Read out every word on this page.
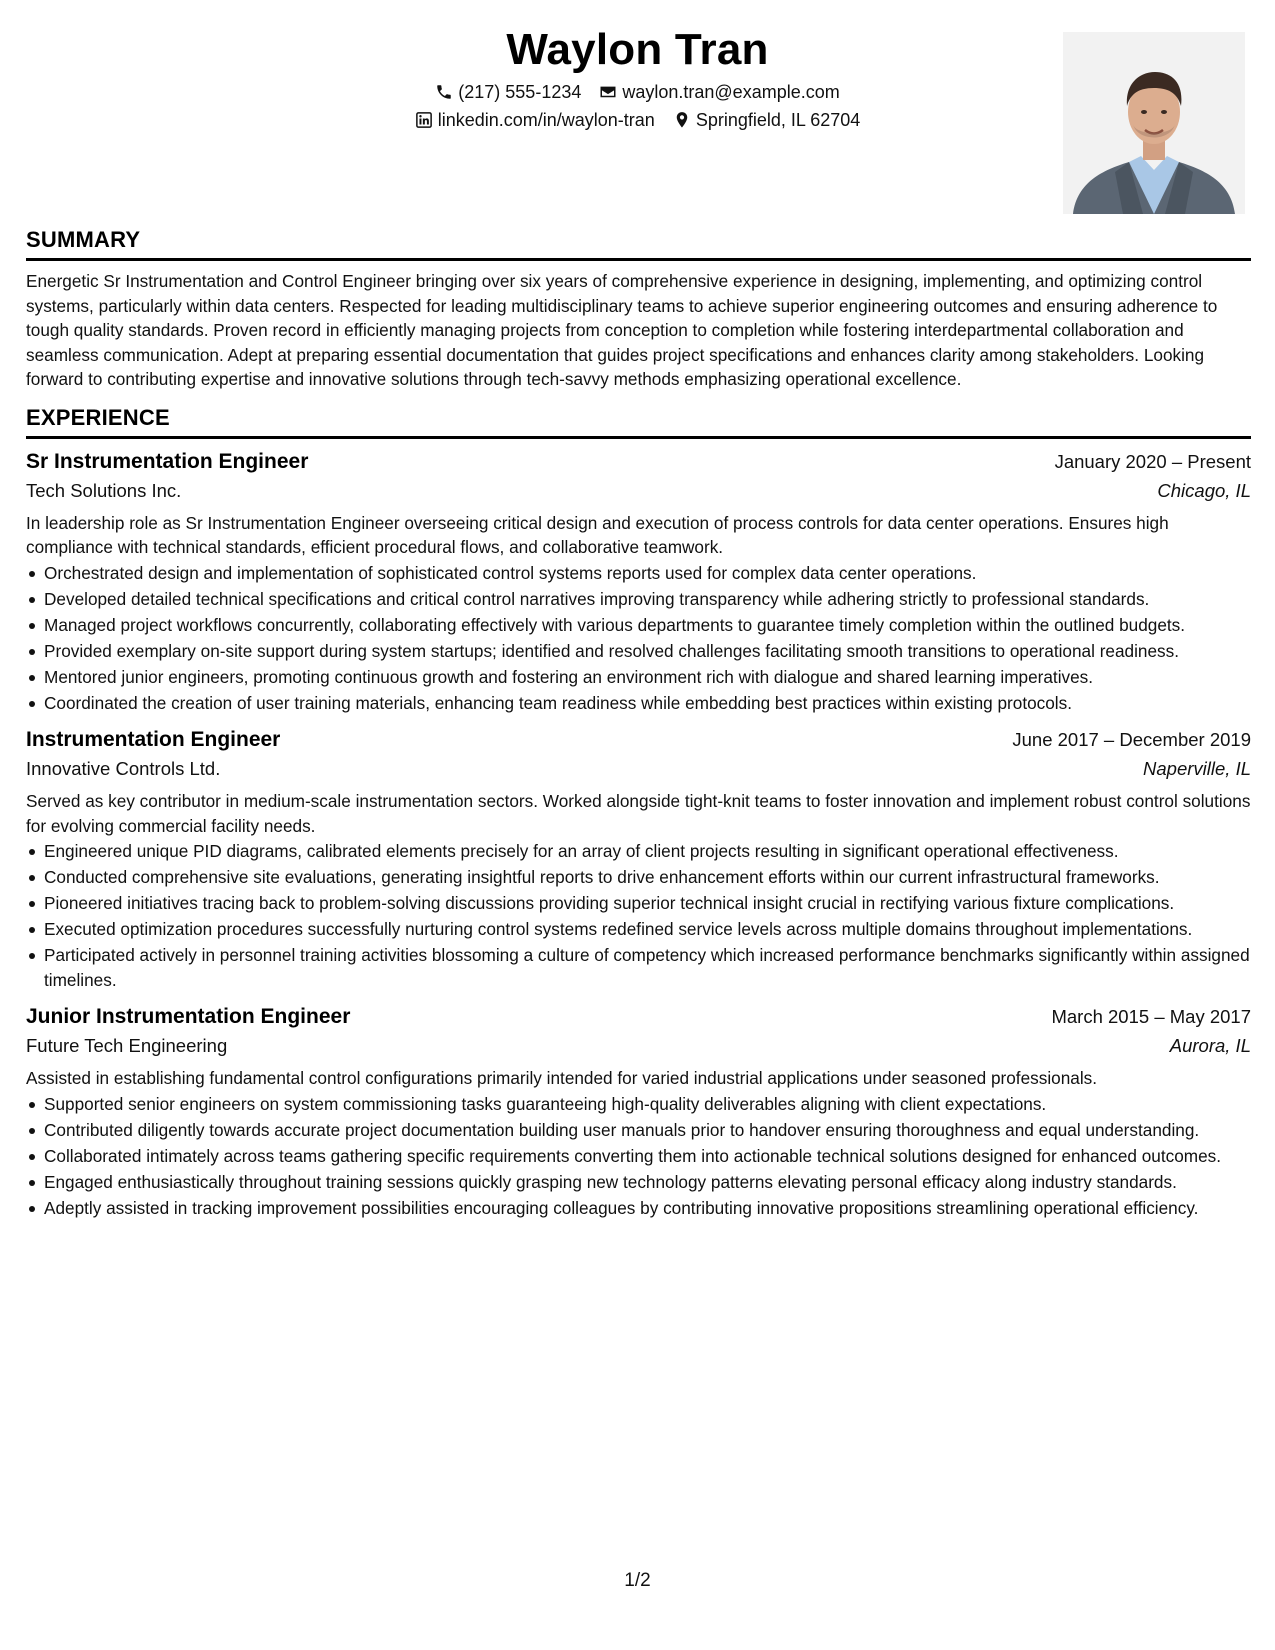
Waylon Tran
(217) 555-1234 waylon.tran@example.com
linkedin.com/in/waylon-tran Springfield, IL 62704
SUMMARY

Energetic Sr Instrumentation and Control Engineer bringing over six years of comprehensive experience in designing, implementing, and optimizing control systems, particularly within data centers. Respected for leading multidisciplinary teams to achieve superior engineering outcomes and ensuring adherence to tough quality standards. Proven record in efficiently managing projects from conception to completion while fostering interdepartmental collaboration and seamless communication. Adept at preparing essential documentation that guides project specifications and enhances clarity among stakeholders. Looking forward to contributing expertise and innovative solutions through tech-savvy methods emphasizing operational excellence.

EXPERIENCE
Sr Instrumentation Engineer	January 2020 – Present
Tech Solutions Inc.	Chicago, IL

In leadership role as Sr Instrumentation Engineer overseeing critical design and execution of process controls for data center operations. Ensures high compliance with technical standards, efficient procedural flows, and collaborative teamwork.

Orchestrated design and implementation of sophisticated control systems reports used for complex data center operations.
Developed detailed technical specifications and critical control narratives improving transparency while adhering strictly to professional standards.
Managed project workflows concurrently, collaborating effectively with various departments to guarantee timely completion within the outlined budgets.
Provided exemplary on-site support during system startups; identified and resolved challenges facilitating smooth transitions to operational readiness.
Mentored junior engineers, promoting continuous growth and fostering an environment rich with dialogue and shared learning imperatives.
Coordinated the creation of user training materials, enhancing team readiness while embedding best practices within existing protocols.
Instrumentation Engineer	June 2017 – December 2019
Innovative Controls Ltd.	Naperville, IL

Served as key contributor in medium-scale instrumentation sectors. Worked alongside tight-knit teams to foster innovation and implement robust control solutions for evolving commercial facility needs.

Engineered unique PID diagrams, calibrated elements precisely for an array of client projects resulting in significant operational effectiveness.
Conducted comprehensive site evaluations, generating insightful reports to drive enhancement efforts within our current infrastructural frameworks.
Pioneered initiatives tracing back to problem-solving discussions providing superior technical insight crucial in rectifying various fixture complications.
Executed optimization procedures successfully nurturing control systems redefined service levels across multiple domains throughout implementations.
Participated actively in personnel training activities blossoming a culture of competency which increased performance benchmarks significantly within assigned timelines.
Junior Instrumentation Engineer	March 2015 – May 2017
Future Tech Engineering	Aurora, IL

Assisted in establishing fundamental control configurations primarily intended for varied industrial applications under seasoned professionals.

Supported senior engineers on system commissioning tasks guaranteeing high-quality deliverables aligning with client expectations.
Contributed diligently towards accurate project documentation building user manuals prior to handover ensuring thoroughness and equal understanding.
Collaborated intimately across teams gathering specific requirements converting them into actionable technical solutions designed for enhanced outcomes.
Engaged enthusiastically throughout training sessions quickly grasping new technology patterns elevating personal efficacy along industry standards.
Adeptly assisted in tracking improvement possibilities encouraging colleagues by contributing innovative propositions streamlining operational efficiency.
1/2
